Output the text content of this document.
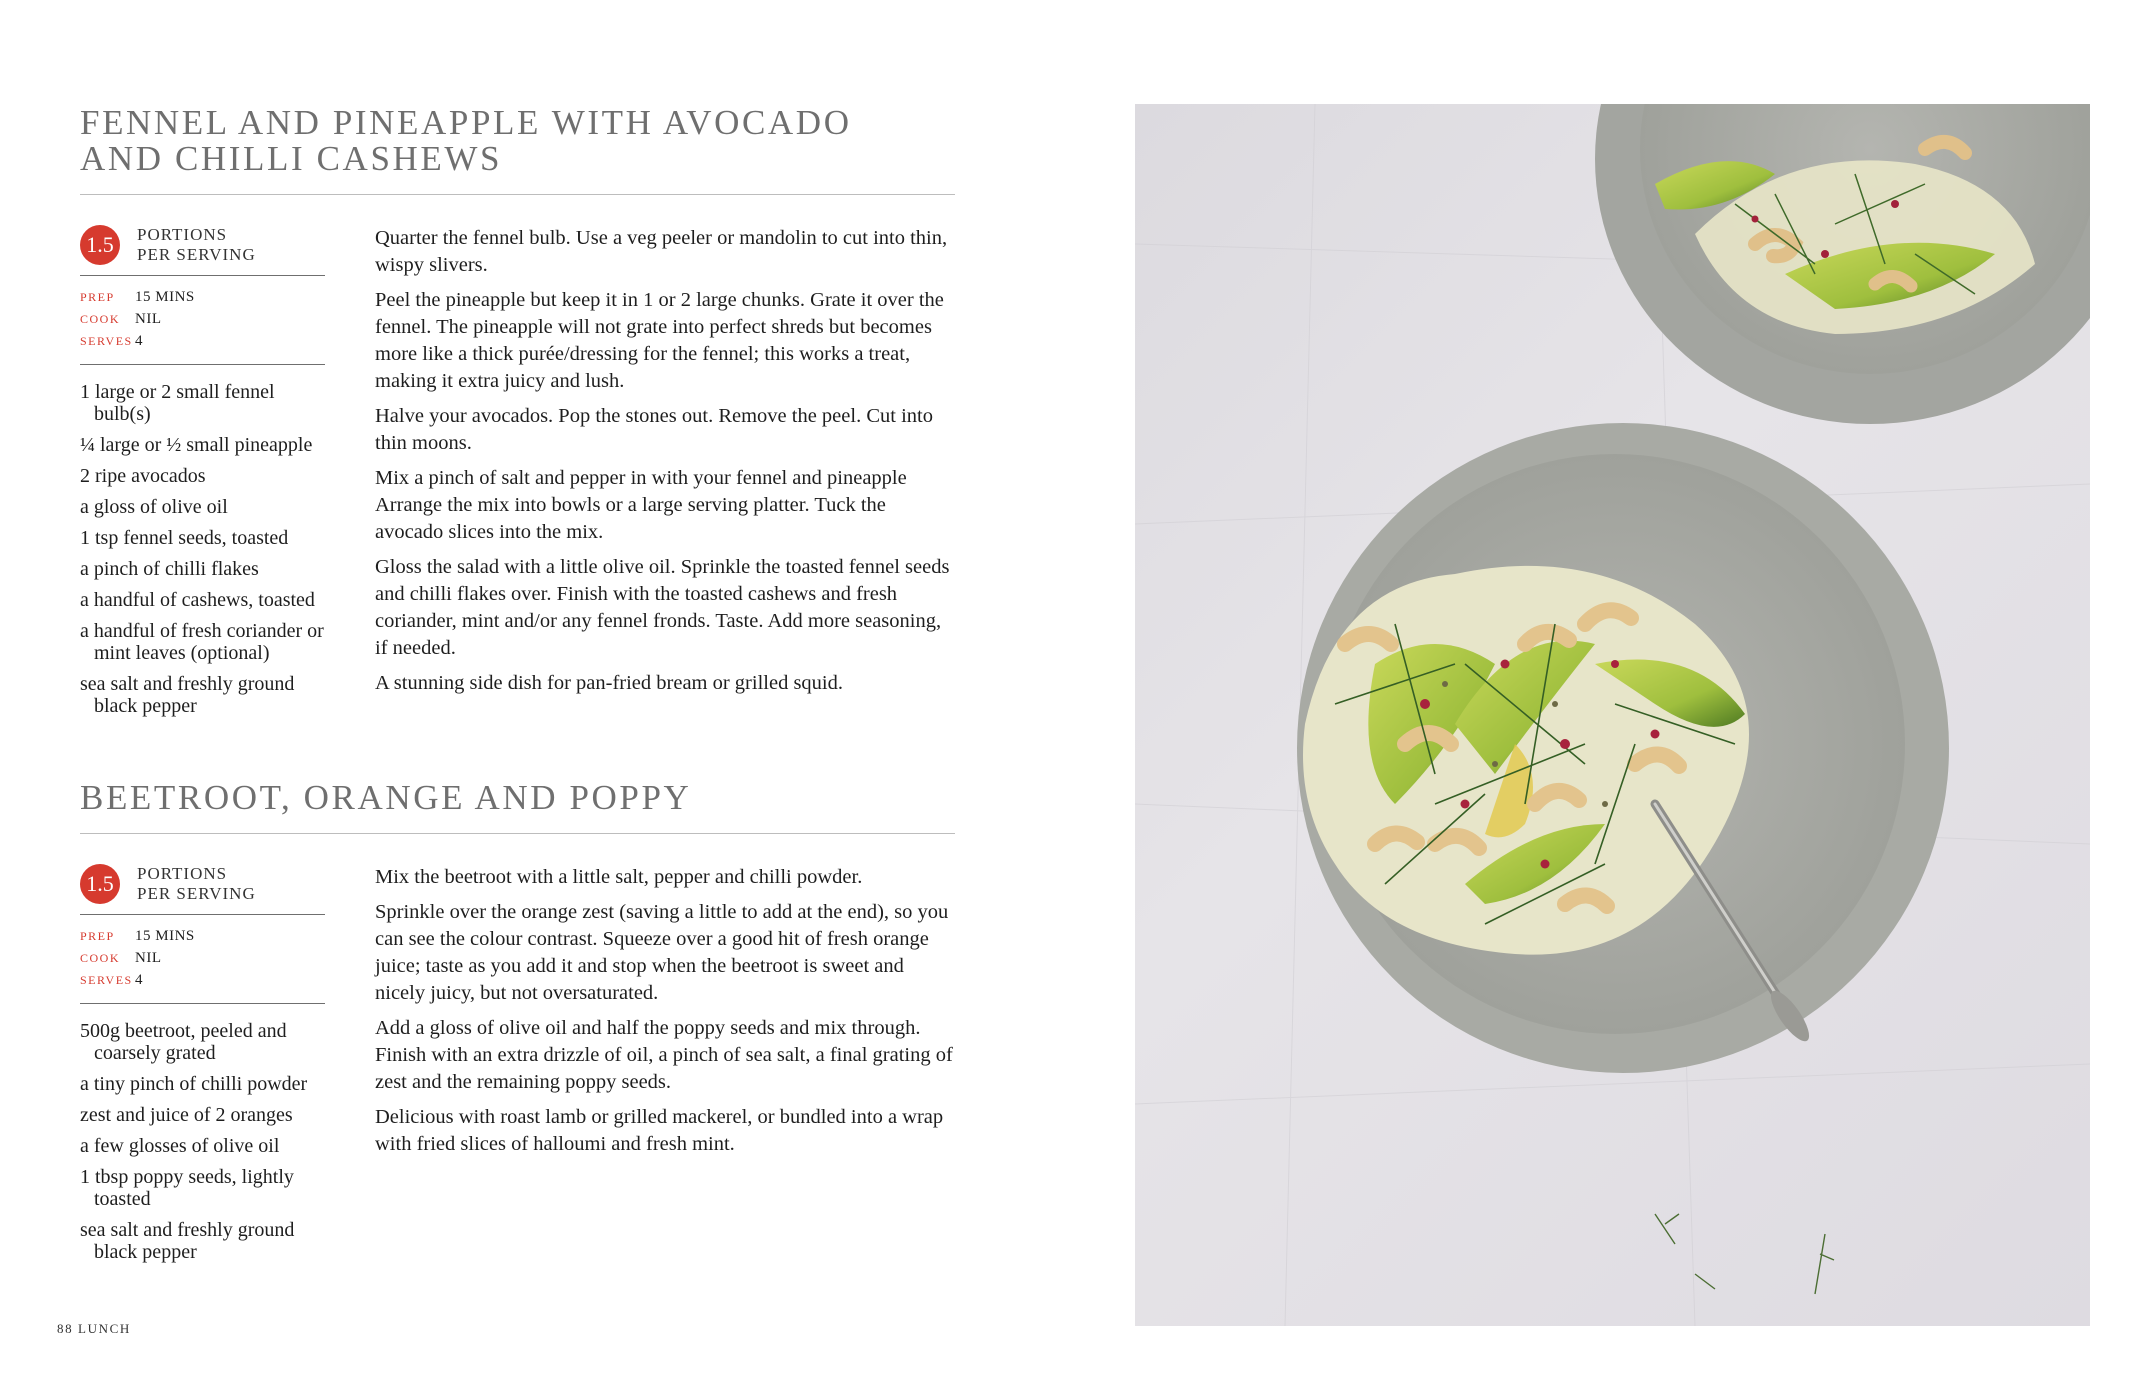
FENNEL AND PINEAPPLE WITH AVOCADO
AND CHILLI CASHEWS
1.5	PORTIONS
PER SERVING
PREP 15 MINS
COOK NIL
SERVES 4
1 large or 2 small fennel bulb(s)
¼ large or ½ small pineapple
2 ripe avocados
a gloss of olive oil
1 tsp fennel seeds, toasted
a pinch of chilli flakes
a handful of cashews, toasted
a handful of fresh coriander or mint leaves (optional)
sea salt and freshly ground black pepper

Quarter the fennel bulb. Use a veg peeler or mandolin to cut into thin, wispy slivers.

Peel the pineapple but keep it in 1 or 2 large chunks. Grate it over the fennel. The pineapple will not grate into perfect shreds but becomes more like a thick purée/dressing for the fennel; this works a treat, making it extra juicy and lush.

Halve your avocados. Pop the stones out. Remove the peel. Cut into thin moons.

Mix a pinch of salt and pepper in with your fennel and pineapple Arrange the mix into bowls or a large serving platter. Tuck the avocado slices into the mix.

Gloss the salad with a little olive oil. Sprinkle the toasted fennel seeds and chilli flakes over. Finish with the toasted cashews and fresh coriander, mint and/or any fennel fronds. Taste. Add more seasoning, if needed.

A stunning side dish for pan-fried bream or grilled squid.

BEETROOT, ORANGE AND POPPY
1.5	PORTIONS
PER SERVING
PREP 15 MINS
COOK NIL
SERVES 4
500g beetroot, peeled and coarsely grated
a tiny pinch of chilli powder
zest and juice of 2 oranges
a few glosses of olive oil
1 tbsp poppy seeds, lightly toasted
sea salt and freshly ground black pepper

Mix the beetroot with a little salt, pepper and chilli powder.

Sprinkle over the orange zest (saving a little to add at the end), so you can see the colour contrast. Squeeze over a good hit of fresh orange juice; taste as you add it and stop when the beetroot is sweet and nicely juicy, but not oversaturated.

Add a gloss of olive oil and half the poppy seeds and mix through. Finish with an extra drizzle of oil, a pinch of sea salt, a final grating of zest and the remaining poppy seeds.

Delicious with roast lamb or grilled mackerel, or bundled into a wrap with fried slices of halloumi and fresh mint.

88 LUNCH
